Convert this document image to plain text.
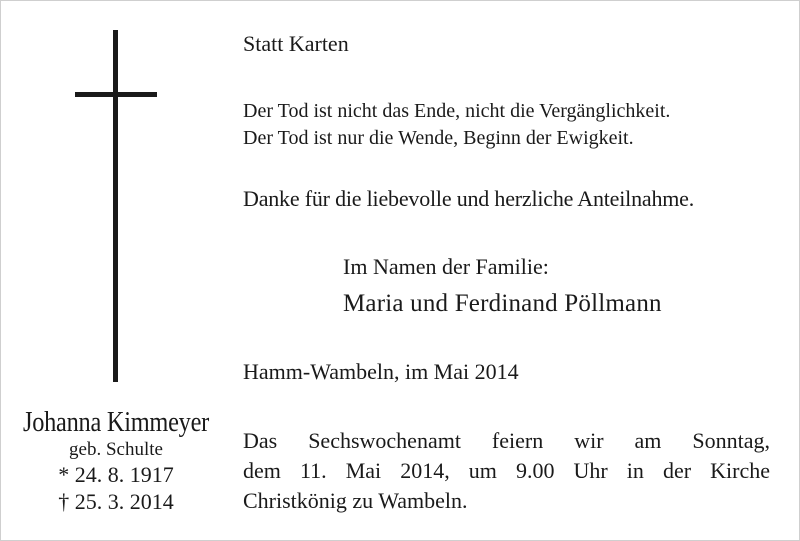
Johanna Kimmeyer
geb. Schulte
* 24. 8. 1917
† 25. 3. 2014
Statt Karten
Der Tod ist nicht das Ende, nicht die Vergänglichkeit.
Der Tod ist nur die Wende, Beginn der Ewigkeit.
Danke für die liebevolle und herzliche Anteilnahme.
Im Namen der Familie:
Maria und Ferdinand Pöllmann
Hamm-Wambeln, im Mai 2014
Das Sechswochenamt feiern wir am Sonntag,
dem 11. Mai 2014, um 9.00 Uhr in der Kirche
Christkönig zu Wambeln.
